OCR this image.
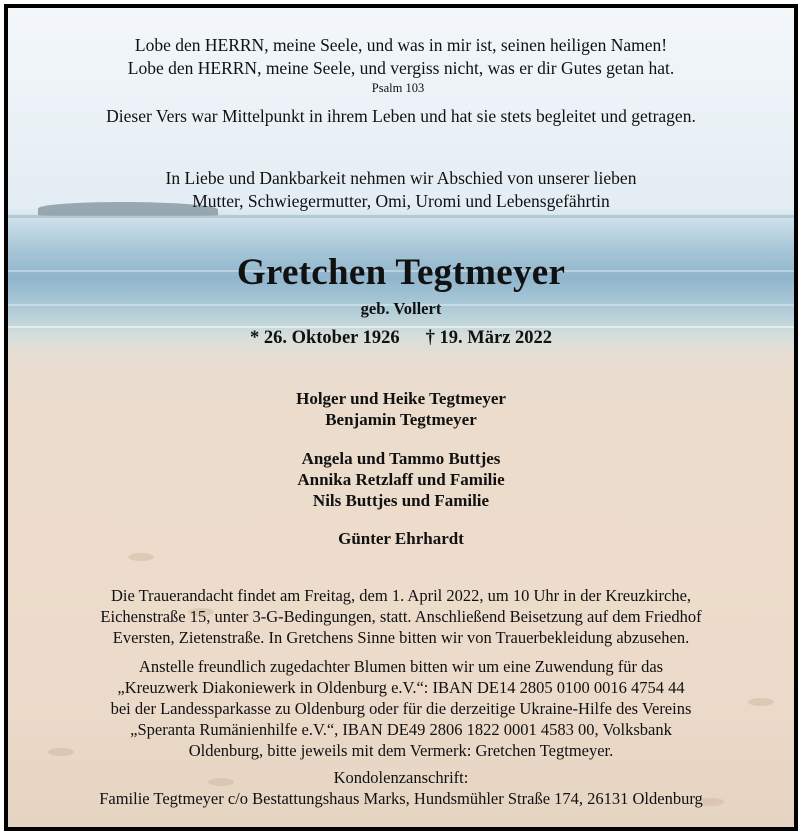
Lobe den HERRN, meine Seele, und was in mir ist, seinen heiligen Namen!
Lobe den HERRN, meine Seele, und vergiss nicht, was er dir Gutes getan hat.
Psalm 103
Dieser Vers war Mittelpunkt in ihrem Leben und hat sie stets begleitet und getragen.
In Liebe und Dankbarkeit nehmen wir Abschied von unserer lieben
Mutter, Schwiegermutter, Omi, Uromi und Lebensgefährtin
Gretchen Tegtmeyer
geb. Vollert
* 26. Oktober 1926 † 19. März 2022
Holger und Heike Tegtmeyer
Benjamin Tegtmeyer
Angela und Tammo Buttjes
Annika Retzlaff und Familie
Nils Buttjes und Familie
Günter Ehrhardt
Die Trauerandacht findet am Freitag, dem 1. April 2022, um 10 Uhr in der Kreuzkirche,
Eichenstraße 15, unter 3-G-Bedingungen, statt. Anschließend Beisetzung auf dem Friedhof
Eversten, Zietenstraße. In Gretchens Sinne bitten wir von Trauerbekleidung abzusehen.
Anstelle freundlich zugedachter Blumen bitten wir um eine Zuwendung für das
„Kreuzwerk Diakoniewerk in Oldenburg e.V.“: IBAN DE14 2805 0100 0016 4754 44
bei der Landessparkasse zu Oldenburg oder für die derzeitige Ukraine-Hilfe des Vereins
„Speranta Rumänienhilfe e.V.“, IBAN DE49 2806 1822 0001 4583 00, Volksbank
Oldenburg, bitte jeweils mit dem Vermerk: Gretchen Tegtmeyer.
Kondolenzanschrift:
Familie Tegtmeyer c/o Bestattungshaus Marks, Hundsmühler Straße 174, 26131 Oldenburg
